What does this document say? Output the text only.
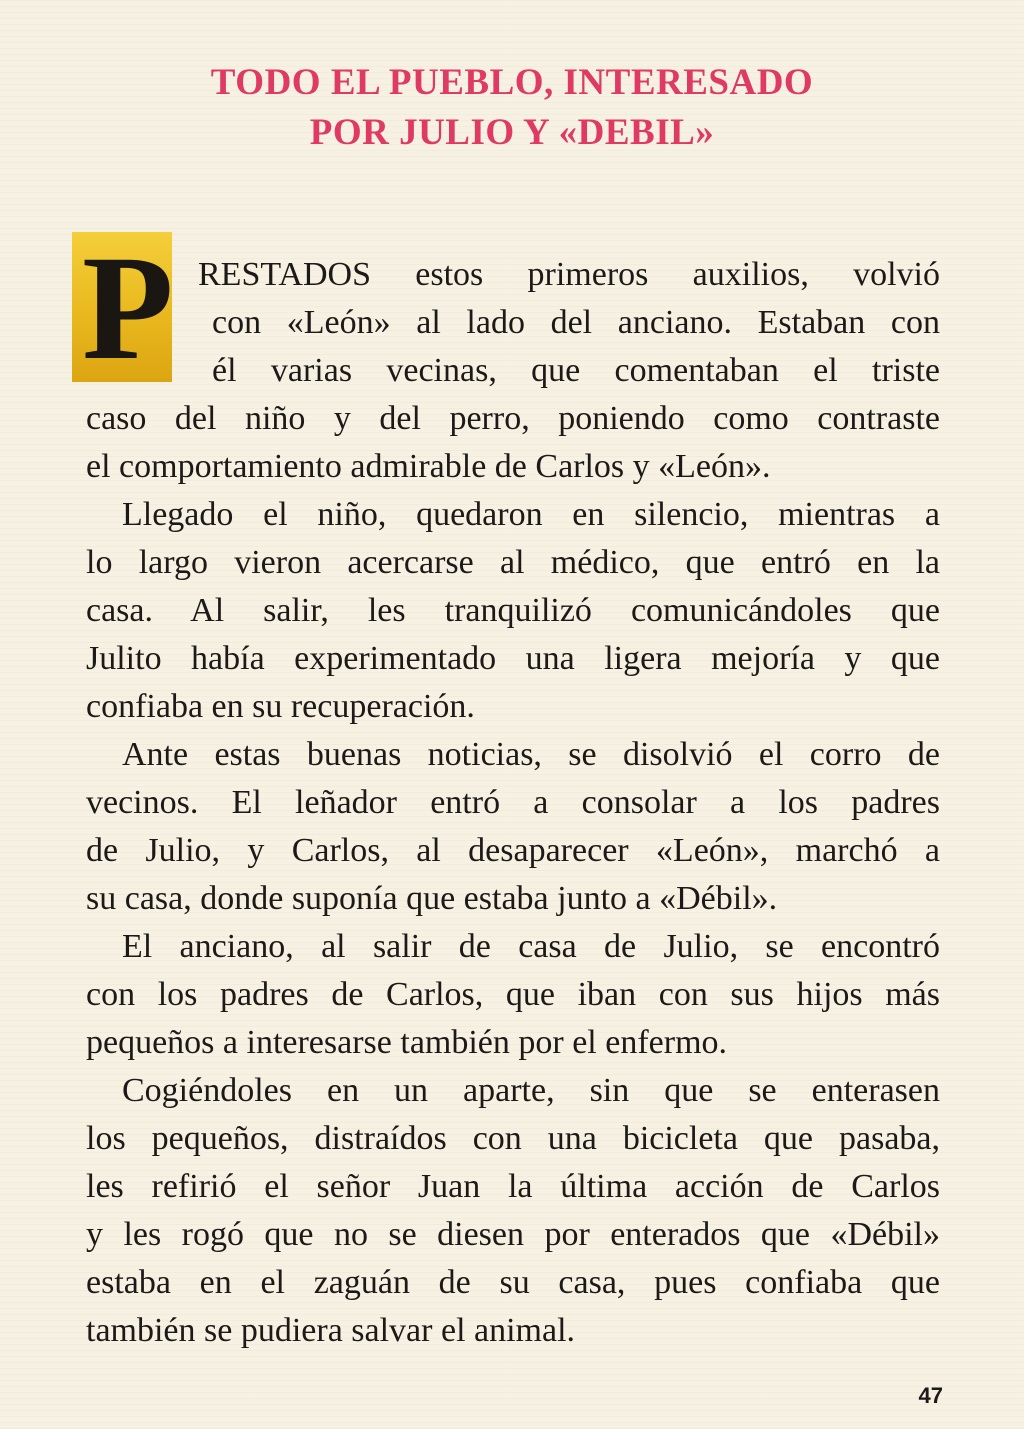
TODO EL PUEBLO, INTERESADO
POR JULIO Y «DEBIL»
P RESTADOS estos primeros auxilios, volvió

con «León» al lado del anciano. Estaban con

él varias vecinas, que comentaban el triste

caso del niño y del perro, poniendo como contraste

el comportamiento admirable de Carlos y «León».

Llegado el niño, quedaron en silencio, mientras a

lo largo vieron acercarse al médico, que entró en la

casa. Al salir, les tranquilizó comunicándoles que

Julito había experimentado una ligera mejoría y que

confiaba en su recuperación.

Ante estas buenas noticias, se disolvió el corro de

vecinos. El leñador entró a consolar a los padres

de Julio, y Carlos, al desaparecer «León», marchó a

su casa, donde suponía que estaba junto a «Débil».

El anciano, al salir de casa de Julio, se encontró

con los padres de Carlos, que iban con sus hijos más

pequeños a interesarse también por el enfermo.

Cogiéndoles en un aparte, sin que se enterasen

los pequeños, distraídos con una bicicleta que pasaba,

les refirió el señor Juan la última acción de Carlos

y les rogó que no se diesen por enterados que «Débil»

estaba en el zaguán de su casa, pues confiaba que

también se pudiera salvar el animal.

47
